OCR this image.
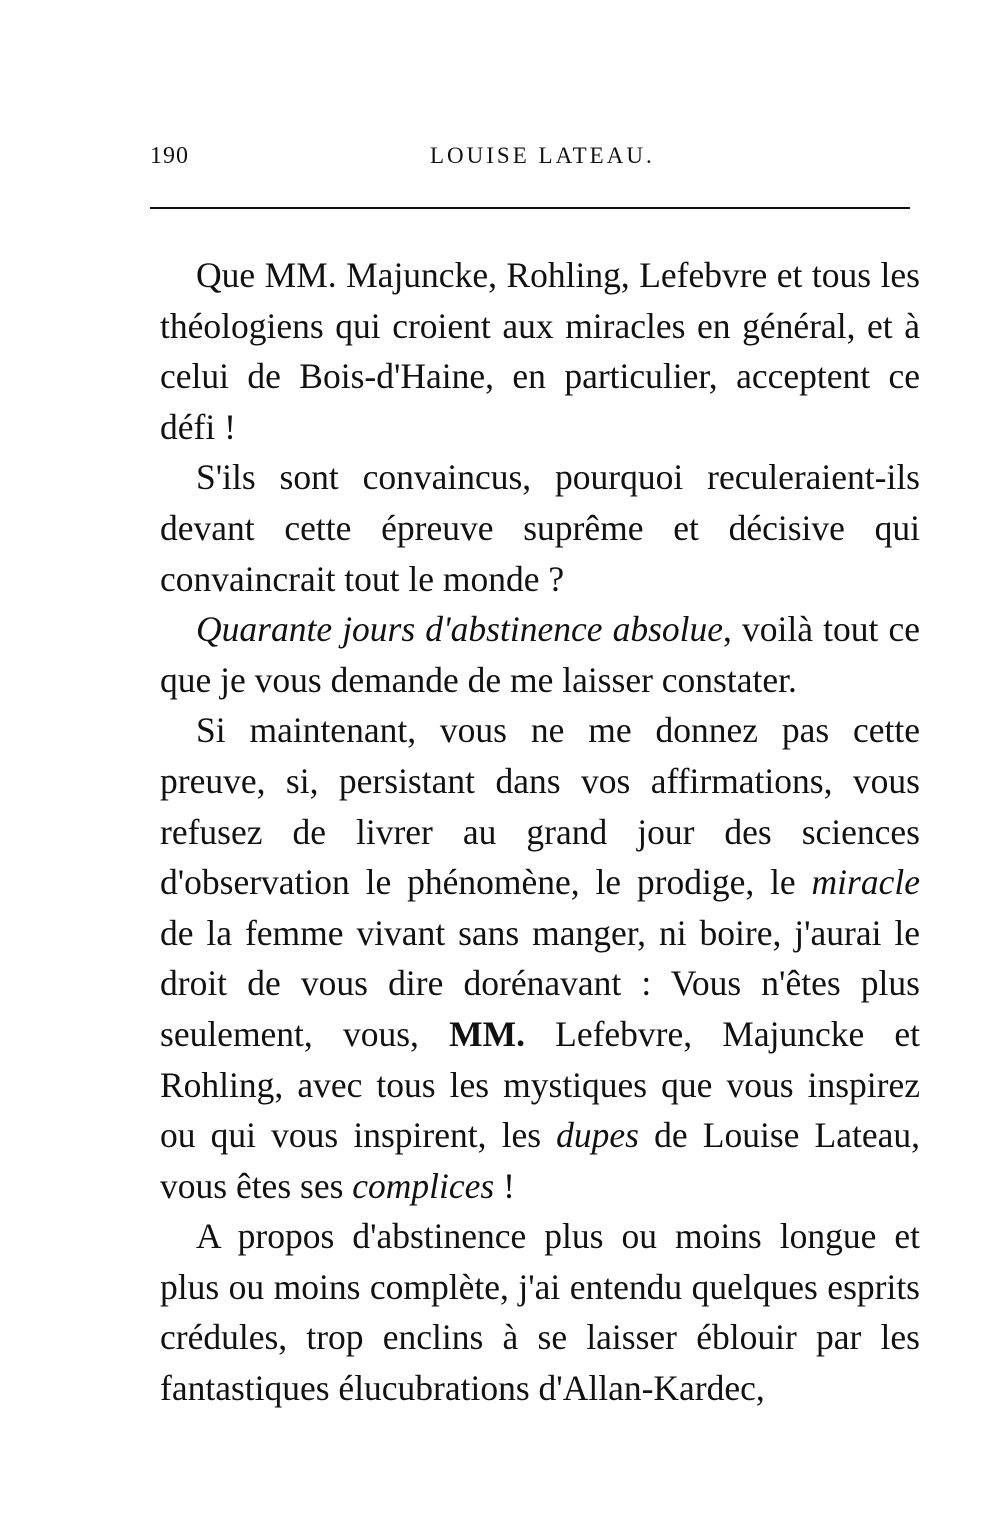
190	LOUISE LATEAU.

Que MM. Majuncke, Rohling, Lefebvre et tous les théologiens qui croient aux miracles en général, et à celui de Bois-d'Haine, en particulier, acceptent ce défi !

S'ils sont convaincus, pourquoi reculeraient-ils devant cette épreuve suprême et décisive qui convaincrait tout le monde ?

Quarante jours d'abstinence absolue, voilà tout ce que je vous demande de me laisser constater.

Si maintenant, vous ne me donnez pas cette preuve, si, persistant dans vos affirmations, vous refusez de livrer au grand jour des sciences d'observation le phénomène, le prodige, le miracle de la femme vivant sans manger, ni boire, j'aurai le droit de vous dire dorénavant : Vous n'êtes plus seulement, vous, MM. Lefebvre, Majuncke et Rohling, avec tous les mystiques que vous inspirez ou qui vous inspirent, les dupes de Louise Lateau, vous êtes ses complices !

A propos d'abstinence plus ou moins longue et plus ou moins complète, j'ai entendu quelques esprits crédules, trop enclins à se laisser éblouir par les fantastiques élucubrations d'Allan-Kardec,
